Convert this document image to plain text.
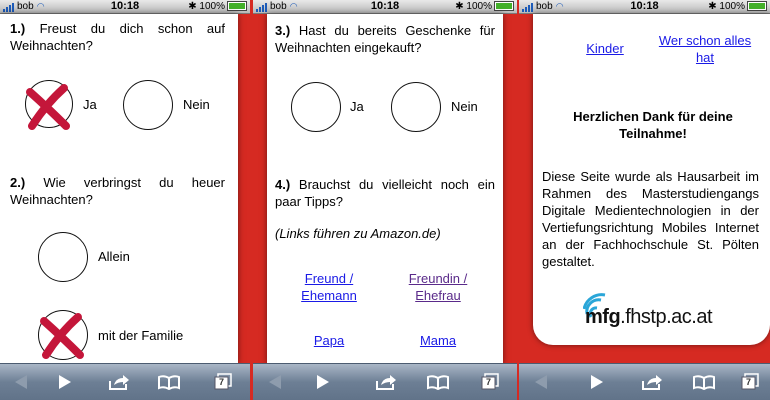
bob ◠	10:18	✱ 100%
1.) Freust du dich schon auf Weihnachten?
Ja	Nein
2.) Wie verbringst du heuer Weihnachten?
Allein
mit der Familie
7
bob ◠	10:18	✱ 100%
3.) Hast du bereits Geschenke für Weihnachten eingekauft?
Ja	Nein
4.) Brauchst du vielleicht noch ein paar Tipps?
(Links führen zu Amazon.de)
Freund /
Ehemann
Freundin /
Ehefrau
Papa	Mama
7
bob ◠	10:18	✱ 100%
Kinder
Wer schon alles
hat
Herzlichen Dank für deine
Teilnahme!
Diese Seite wurde als Hausarbeit im Rahmen des Masterstudiengangs Digitale Medientechnologien in der Vertiefungsrichtung Mobiles Internet an der Fachhochschule St. Pölten gestaltet.
mfg.fhstp.ac.at
7
